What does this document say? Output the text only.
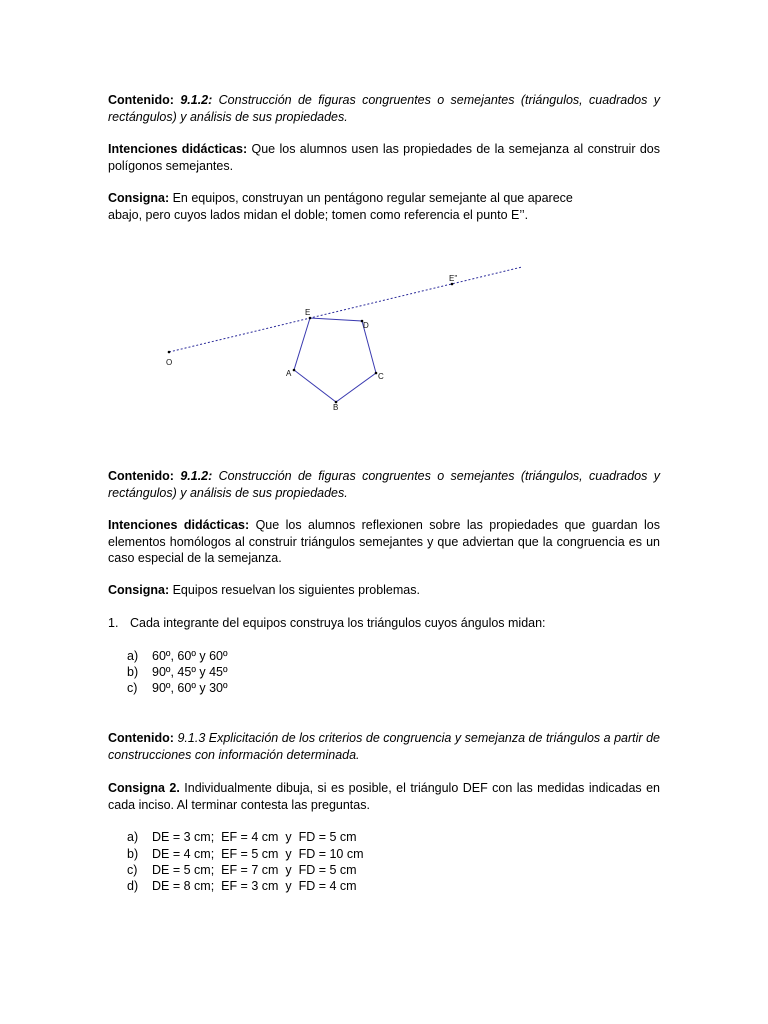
Contenido: 9.1.2: Construcción de figuras congruentes o semejantes (triángulos, cuadrados y rectángulos) y análisis de sus propiedades.
Intenciones didácticas: Que los alumnos usen las propiedades de la semejanza al construir dos polígonos semejantes.
Consigna: En equipos, construyan un pentágono regular semejante al que aparece abajo, pero cuyos lados midan el doble; tomen como referencia el punto E’’.
O
A
B
C
D
E
E''
Contenido: 9.1.2: Construcción de figuras congruentes o semejantes (triángulos, cuadrados y rectángulos) y análisis de sus propiedades.
Intenciones didácticas: Que los alumnos reflexionen sobre las propiedades que guardan los elementos homólogos al construir triángulos semejantes y que adviertan que la congruencia es un caso especial de la semejanza.
Consigna: Equipos resuelvan los siguientes problemas.
1. Cada integrante del equipos construya los triángulos cuyos ángulos midan:
a) 60º, 60º y 60º
b) 90º, 45º y 45º
c) 90º, 60º y 30º
Contenido: 9.1.3 Explicitación de los criterios de congruencia y semejanza de triángulos a partir de construcciones con información determinada.
Consigna 2. Individualmente dibuja, si es posible, el triángulo DEF con las medidas indicadas en cada inciso. Al terminar contesta las preguntas.
a) DE = 3 cm;  EF = 4 cm  y  FD = 5 cm
b) DE = 4 cm;  EF = 5 cm  y  FD = 10 cm
c) DE = 5 cm;  EF = 7 cm  y  FD = 5 cm
d) DE = 8 cm;  EF = 3 cm  y  FD = 4 cm
